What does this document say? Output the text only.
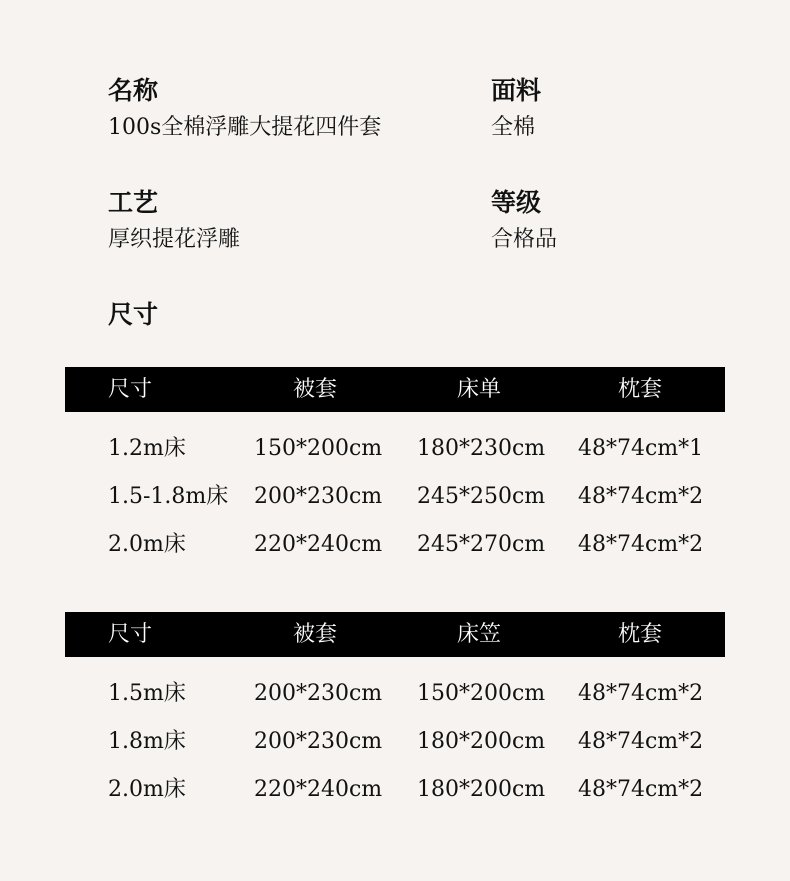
名称
100s全棉浮雕大提花四件套
面料
全棉
工艺
厚织提花浮雕
等级
合格品
尺寸
尺寸	被套	床单	枕套
1.2m床	150*200cm 180*230cm 48*74cm*1
1.5-1.8m床 200*230cm 245*250cm 48*74cm*2
2.0m床	220*240cm 245*270cm 48*74cm*2
尺寸	被套	床笠	枕套
1.5m床	200*230cm 150*200cm 48*74cm*2
1.8m床	200*230cm 180*200cm 48*74cm*2
2.0m床	220*240cm 180*200cm 48*74cm*2
